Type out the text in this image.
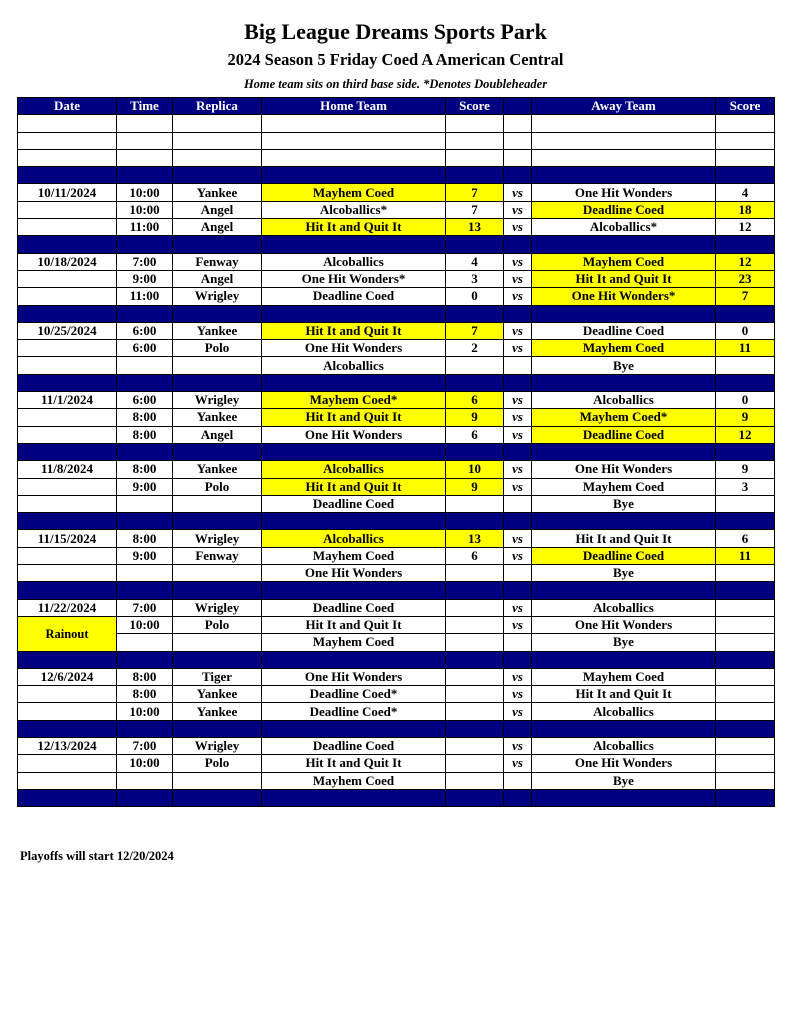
Big League Dreams Sports Park
2024 Season 5 Friday Coed A American Central
Home team sits on third base side. *Denotes Doubleheader
Date	Time	Replica	Home Team	Score		Away Team	Score

10/11/2024	10:00	Yankee	Mayhem Coed	7	vs	One Hit Wonders	4
	10:00	Angel	Alcoballics*	7	vs	Deadline Coed	18
	11:00	Angel	Hit It and Quit It	13	vs	Alcoballics*	12

10/18/2024	7:00	Fenway	Alcoballics	4	vs	Mayhem Coed	12
	9:00	Angel	One Hit Wonders*	3	vs	Hit It and Quit It	23
	11:00	Wrigley	Deadline Coed	0	vs	One Hit Wonders*	7

10/25/2024	6:00	Yankee	Hit It and Quit It	7	vs	Deadline Coed	0
	6:00	Polo	One Hit Wonders	2	vs	Mayhem Coed	11
			Alcoballics			Bye	

11/1/2024	6:00	Wrigley	Mayhem Coed*	6	vs	Alcoballics	0
	8:00	Yankee	Hit It and Quit It	9	vs	Mayhem Coed*	9
	8:00	Angel	One Hit Wonders	6	vs	Deadline Coed	12

11/8/2024	8:00	Yankee	Alcoballics	10	vs	One Hit Wonders	9
	9:00	Polo	Hit It and Quit It	9	vs	Mayhem Coed	3
			Deadline Coed			Bye	

11/15/2024	8:00	Wrigley	Alcoballics	13	vs	Hit It and Quit It	6
	9:00	Fenway	Mayhem Coed	6	vs	Deadline Coed	11
			One Hit Wonders			Bye	

11/22/2024	7:00	Wrigley	Deadline Coed		vs	Alcoballics	
Rainout	10:00	Polo	Hit It and Quit It		vs	One Hit Wonders	
			Mayhem Coed			Bye	

12/6/2024	8:00	Tiger	One Hit Wonders		vs	Mayhem Coed	
	8:00	Yankee	Deadline Coed*		vs	Hit It and Quit It	
	10:00	Yankee	Deadline Coed*		vs	Alcoballics	

12/13/2024	7:00	Wrigley	Deadline Coed		vs	Alcoballics	
	10:00	Polo	Hit It and Quit It		vs	One Hit Wonders	
			Mayhem Coed			Bye	

Playoffs will start 12/20/2024
